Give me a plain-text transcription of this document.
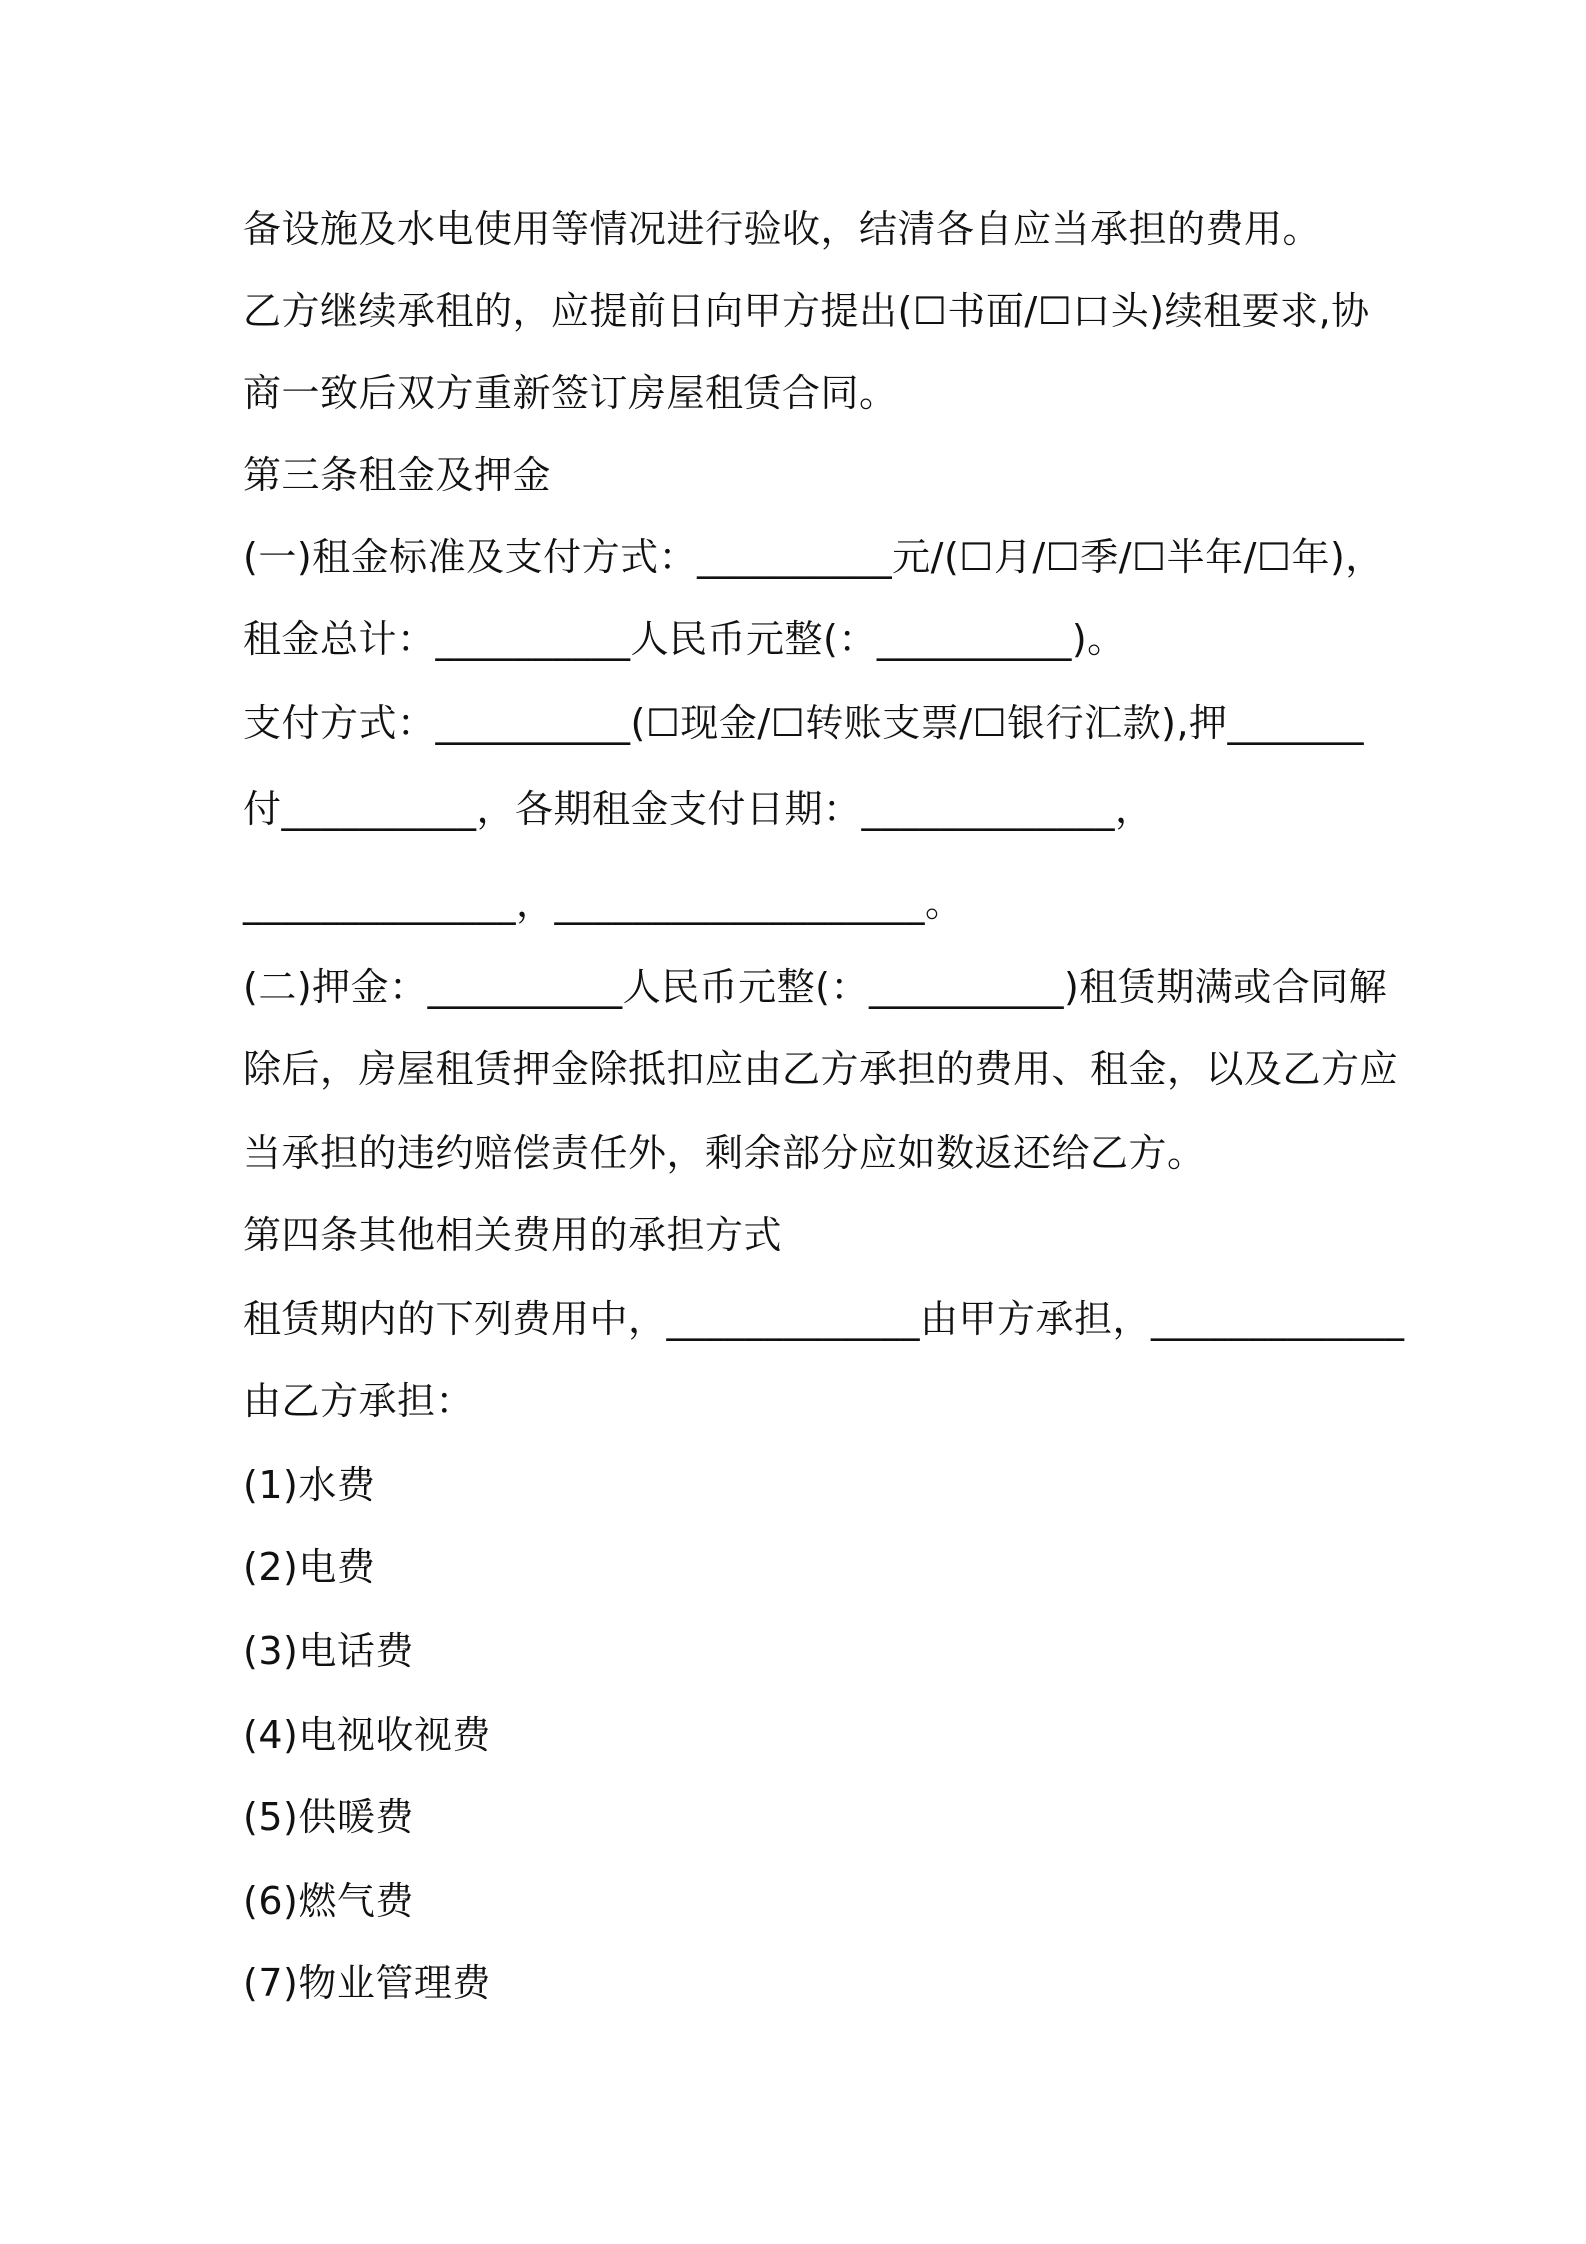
备设施及水电使用等情况进行验收，结清各自应当承担的费用。
乙方继续承租的，应提前日向甲方提出(☐书面/☐口头)续租要求,协
商一致后双方重新签订房屋租赁合同。
第三条租金及押金
(一)租金标准及支付方式：__________元/(☐月/☐季/☐半年/☐年)，
租金总计：__________人民币元整(：__________)。
支付方式：__________(☐现金/☐转账支票/☐银行汇款),押_______
付__________，各期租金支付日期：_____________，
______________，___________________。
(二)押金：__________人民币元整(：__________)租赁期满或合同解
除后，房屋租赁押金除抵扣应由乙方承担的费用、租金，以及乙方应
当承担的违约赔偿责任外，剩余部分应如数返还给乙方。
第四条其他相关费用的承担方式
租赁期内的下列费用中，_____________由甲方承担，_____________
由乙方承担：
(1)水费
(2)电费
(3)电话费
(4)电视收视费
(5)供暖费
(6)燃气费
(7)物业管理费
